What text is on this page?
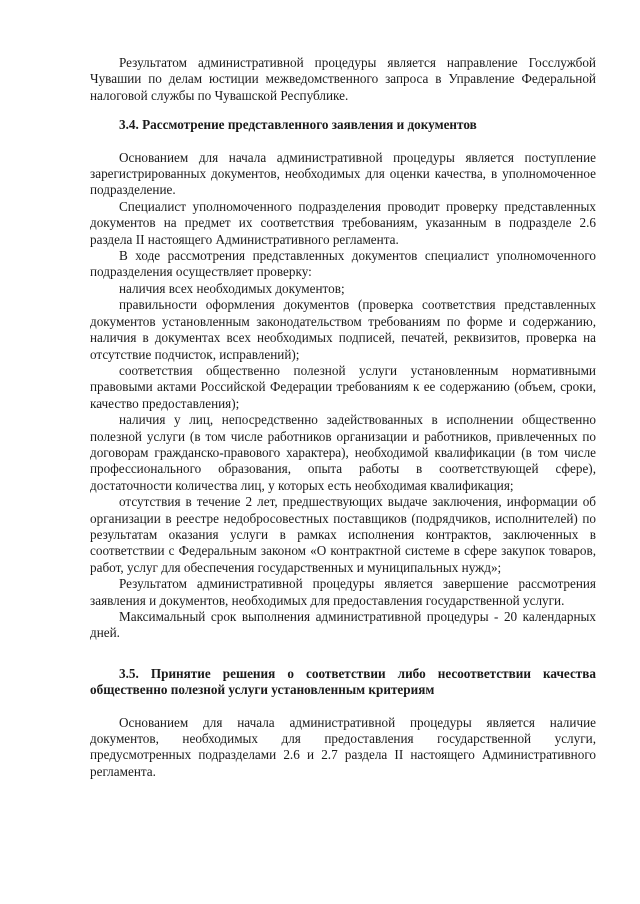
Результатом административной процедуры является направление Госслужбой Чувашии по делам юстиции межведомственного запроса в Управление Федеральной налоговой службы по Чувашской Республике.

3.4. Рассмотрение представленного заявления и документов

Основанием для начала административной процедуры является поступление зарегистрированных документов, необходимых для оценки качества, в уполномоченное подразделение.

Специалист уполномоченного подразделения проводит проверку представленных документов на предмет их соответствия требованиям, указанным в подразделе 2.6 раздела II настоящего Административного регламента.

В ходе рассмотрения представленных документов специалист уполномоченного подразделения осуществляет проверку:

наличия всех необходимых документов;

правильности оформления документов (проверка соответствия представленных документов установленным законодательством требованиям по форме и содержанию, наличия в документах всех необходимых подписей, печатей, реквизитов, проверка на отсутствие подчисток, исправлений);

соответствия общественно полезной услуги установленным нормативными правовыми актами Российской Федерации требованиям к ее содержанию (объем, сроки, качество предоставления);

наличия у лиц, непосредственно задействованных в исполнении общественно полезной услуги (в том числе работников организации и работников, привлеченных по договорам гражданско-правового характера), необходимой квалификации (в том числе профессионального образования, опыта работы в соответствующей сфере), достаточности количества лиц, у которых есть необходимая квалификация;

отсутствия в течение 2 лет, предшествующих выдаче заключения, информации об организации в реестре недобросовестных поставщиков (подрядчиков, исполнителей) по результатам оказания услуги в рамках исполнения контрактов, заключенных в соответствии с Федеральным законом «О контрактной системе в сфере закупок товаров, работ, услуг для обеспечения государственных и муниципальных нужд»;

Результатом административной процедуры является завершение рассмотрения заявления и документов, необходимых для предоставления государственной услуги.

Максимальный срок выполнения административной процедуры - 20 календарных дней.

3.5. Принятие решения о соответствии либо несоответствии качества общественно полезной услуги установленным критериям

Основанием для начала административной процедуры является наличие документов, необходимых для предоставления государственной услуги, предусмотренных подразделами 2.6 и 2.7 раздела II настоящего Административного регламента.
